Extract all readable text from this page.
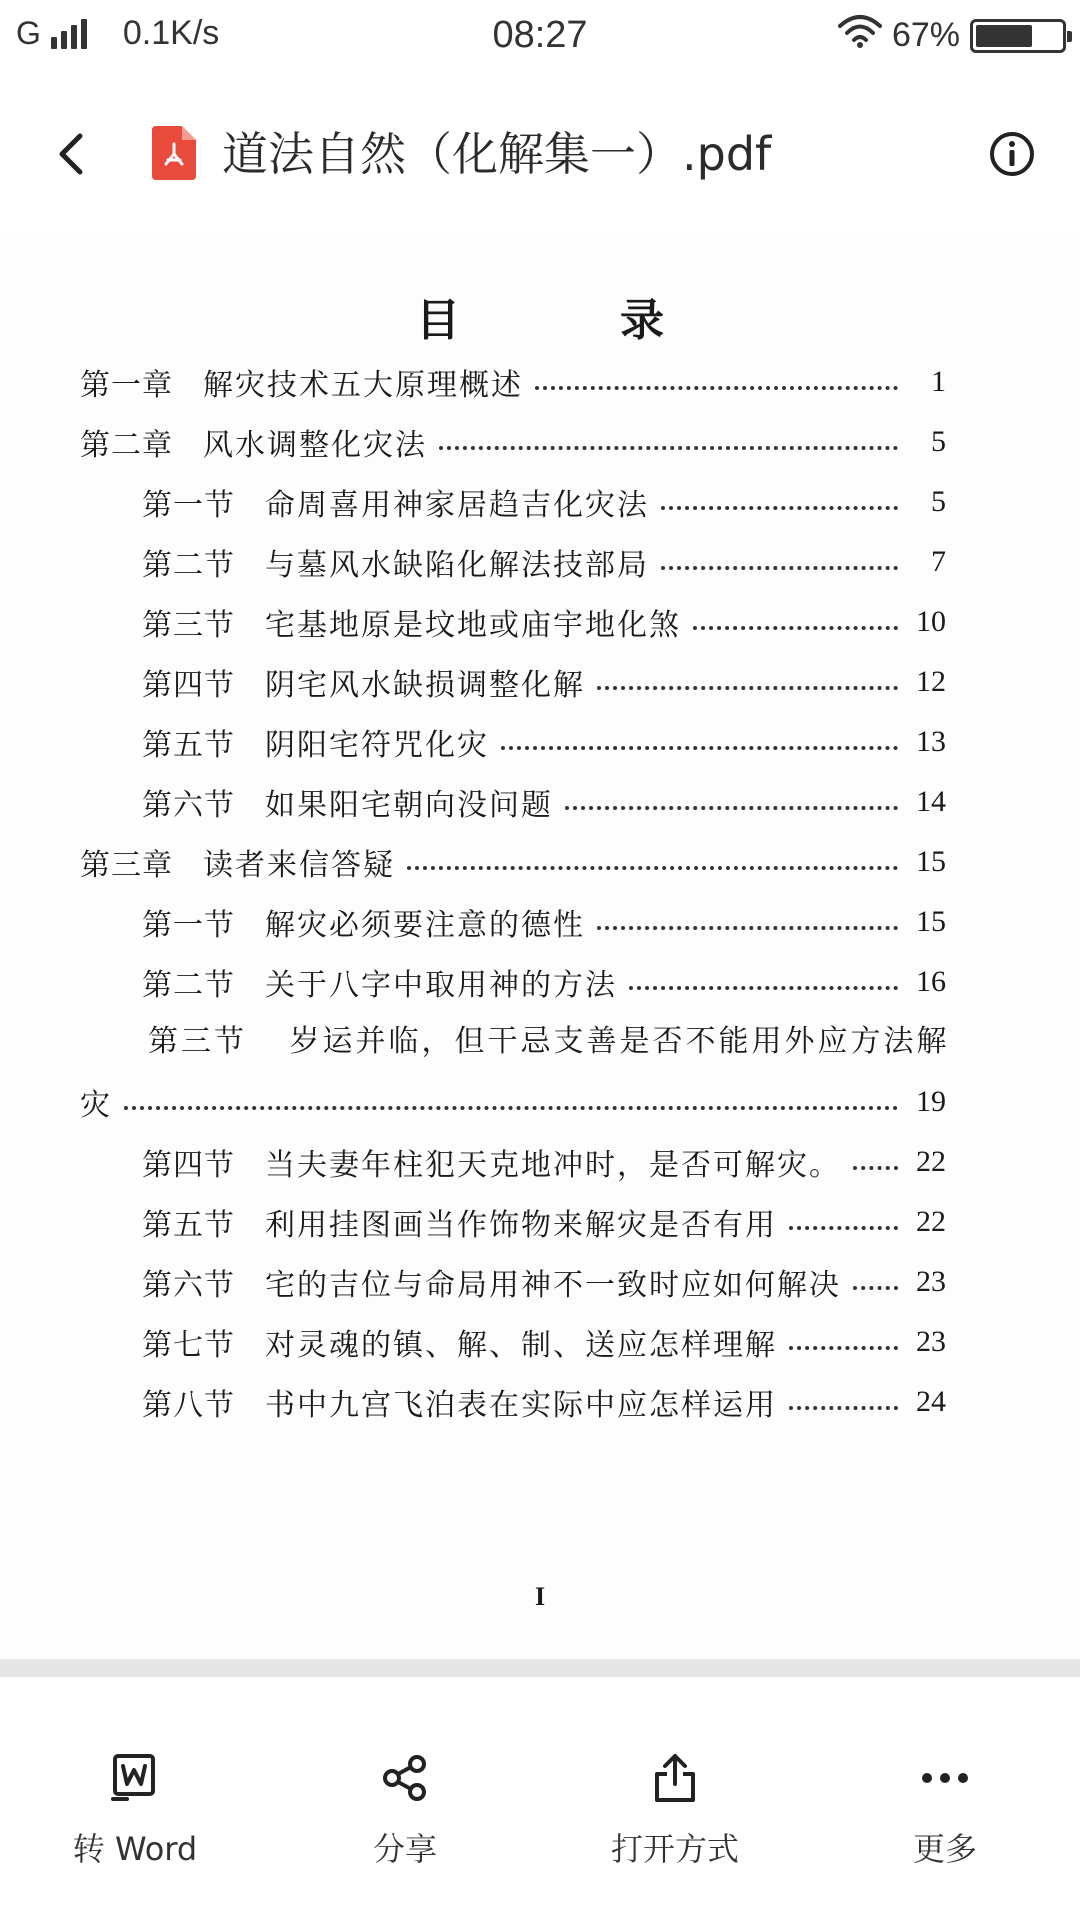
G 0.1K/s	08:27	67%
道法自然（化解集一）.pdf
目　录
第一章 解灾技术五大原理概述	1
第二章 风水调整化灾法	5
第一节 命周喜用神家居趋吉化灾法	5
第二节 与墓风水缺陷化解法技部局	7
第三节 宅基地原是坟地或庙宇地化煞	10
第四节 阴宅风水缺损调整化解	12
第五节 阴阳宅符咒化灾	13
第六节 如果阳宅朝向没问题	14
第三章 读者来信答疑	15
第一节 解灾必须要注意的德性	15
第二节 关于八字中取用神的方法	16
第三节 岁运并临，但干忌支善是否不能用外应方法解
灾	19
第四节 当夫妻年柱犯天克地冲时，是否可解灾。	22
第五节 利用挂图画当作饰物来解灾是否有用	22
第六节 宅的吉位与命局用神不一致时应如何解决	23
第七节 对灵魂的镇、解、制、送应怎样理解	23
第八节 书中九宫飞泊表在实际中应怎样运用	24
I
转 Word	分享	打开方式	更多
